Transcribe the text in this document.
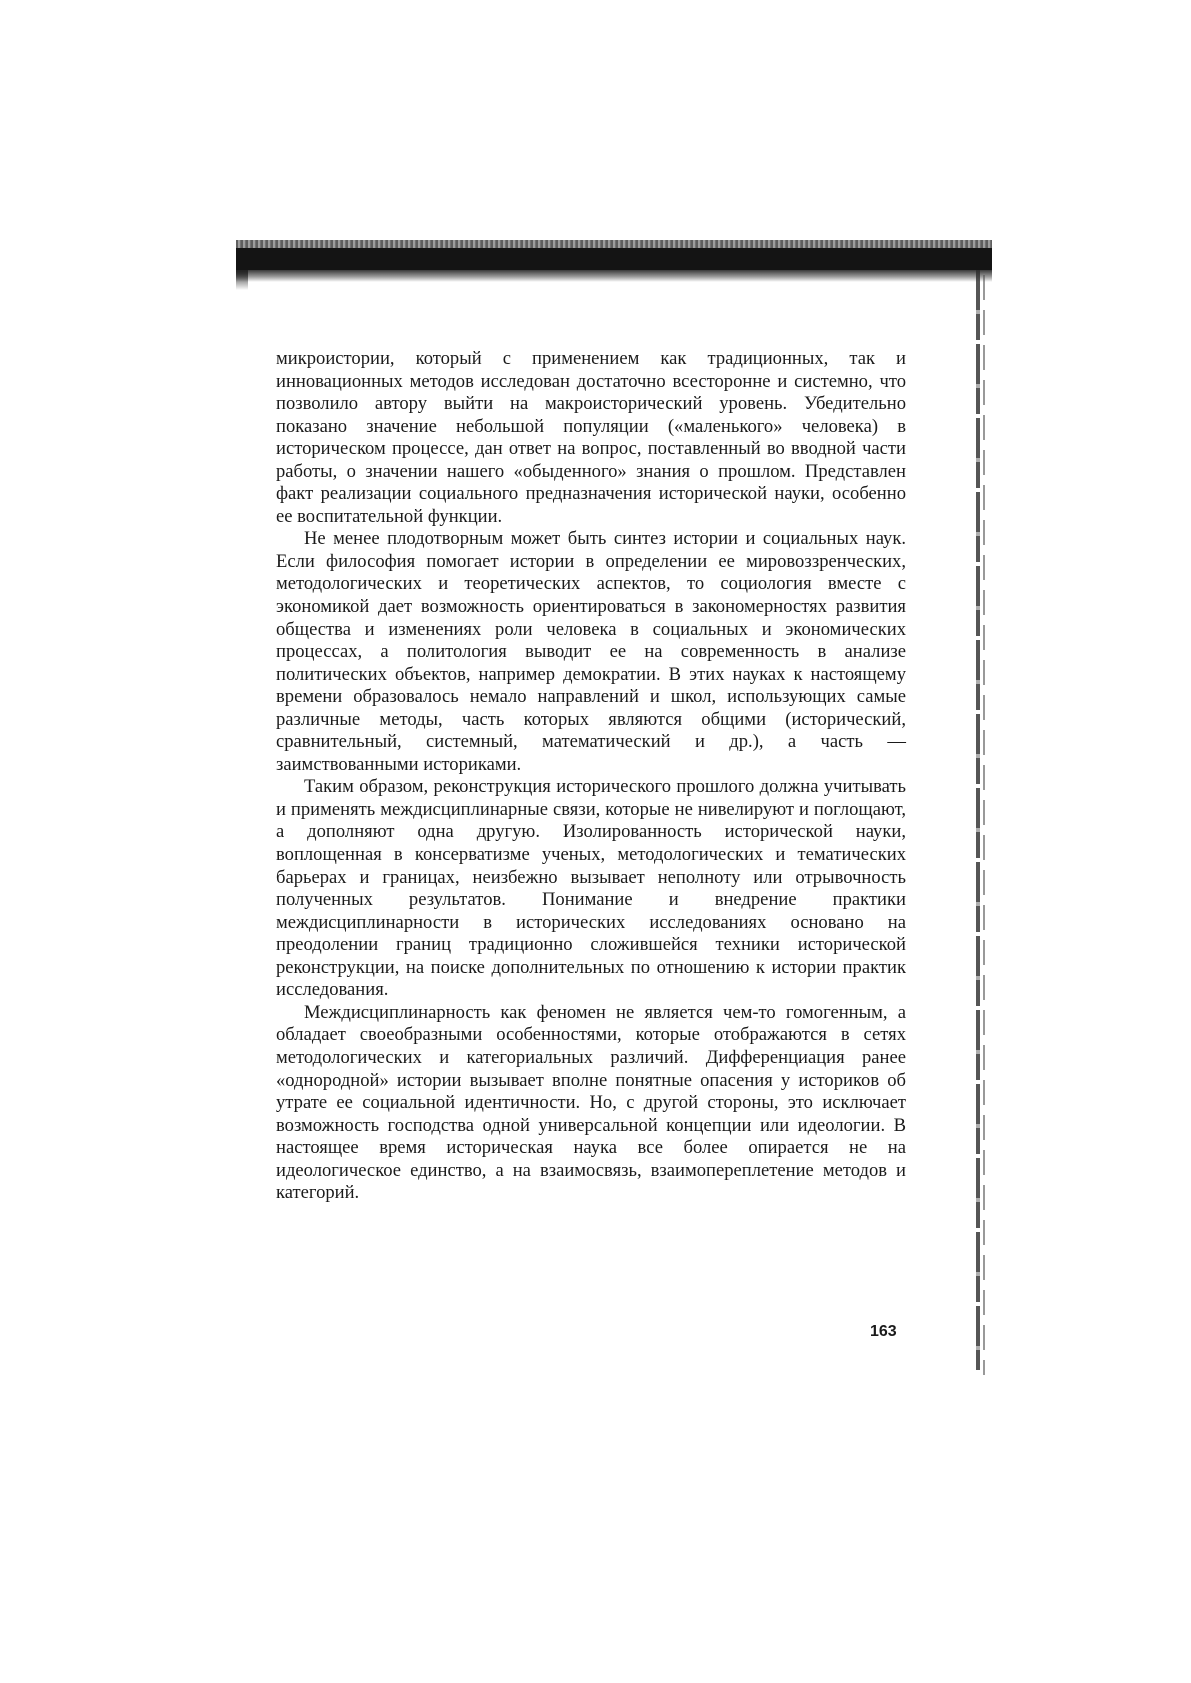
микроистории, который с применением как традиционных, так и инновационных методов исследован достаточно всесторонне и системно, что позволило автору выйти на макроисторический уровень. Убедительно показано значение небольшой популяции («маленького» человека) в историческом процессе, дан ответ на вопрос, поставленный во вводной части работы, о значении нашего «обыденного» знания о прошлом. Представлен факт реализации социального предназначения исторической науки, особенно ее воспитательной функции.

Не менее плодотворным может быть синтез истории и социальных наук. Если философия помогает истории в определении ее мировоззренческих, методологических и теоретических аспектов, то социология вместе с экономикой дает возможность ориентироваться в закономерностях развития общества и изменениях роли человека в социальных и экономических процессах, а политология выводит ее на современность в анализе политических объектов, например демократии. В этих науках к настоящему времени образовалось немало направлений и школ, использующих самые различные методы, часть которых являются общими (исторический, сравнительный, системный, математический и др.), а часть — заимствованными историками.

Таким образом, реконструкция исторического прошлого должна учитывать и применять междисциплинарные связи, которые не нивелируют и поглощают, а дополняют одна другую. Изолированность исторической науки, воплощенная в консерватизме ученых, методологических и тематических барьерах и границах, неизбежно вызывает неполноту или отрывочность полученных результатов. Понимание и внедрение практики междисциплинарности в исторических исследованиях основано на преодолении границ традиционно сложившейся техники исторической реконструкции, на поиске дополнительных по отношению к истории практик исследования.

Междисциплинарность как феномен не является чем-то гомогенным, а обладает своеобразными особенностями, которые отображаются в сетях методологических и категориальных различий. Дифференциация ранее «однородной» истории вызывает вполне понятные опасения у историков об утрате ее социальной идентичности. Но, с другой стороны, это исключает возможность господства одной универсальной концепции или идеологии. В настоящее время историческая наука все более опирается не на идеологическое единство, а на взаимосвязь, взаимопереплетение методов и категорий.

163
